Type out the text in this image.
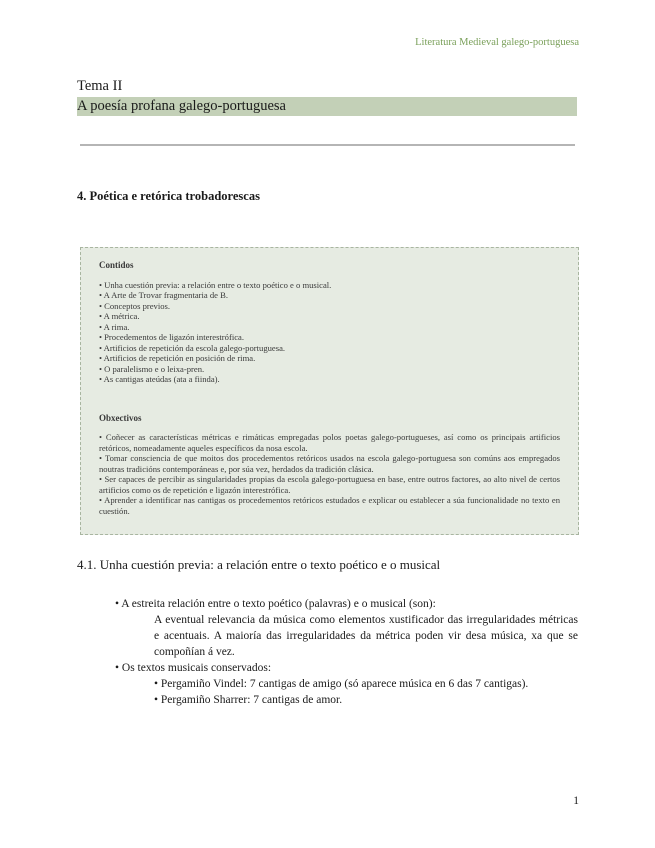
Literatura Medieval galego-portuguesa
Tema II
A poesía profana galego-portuguesa
4. Poética e retórica trobadorescas
Contidos
• Unha cuestión previa: a relación entre o texto poético e o musical.
• A Arte de Trovar fragmentaria de B.
• Conceptos previos.
• A métrica.
• A rima.
• Procedementos de ligazón interestrófica.
• Artificios de repetición da escola galego-portuguesa.
• Artificios de repetición en posición de rima.
• O paralelismo e o leixa-pren.
• As cantigas ateúdas (ata a fiinda).
Obxectivos
• Coñecer as características métricas e rimáticas empregadas polos poetas galego-portugueses, así como os principais artificios retóricos, nomeadamente aqueles específicos da nosa escola.
• Tomar consciencia de que moitos dos procedementos retóricos usados na escola galego-portuguesa son comúns aos empregados noutras tradicións contemporáneas e, por súa vez, herdados da tradición clásica.
• Ser capaces de percibir as singularidades propias da escola galego-portuguesa en base, entre outros factores, ao alto nivel de certos artificios como os de repetición e ligazón interestrófica.
• Aprender a identificar nas cantigas os procedementos retóricos estudados e explicar ou establecer a súa funcionalidade no texto en cuestión.
4.1. Unha cuestión previa: a relación entre o texto poético e o musical

• A estreita relación entre o texto poético (palavras) e o musical (son):

A eventual relevancia da música como elementos xustificador das irregularidades métricas e acentuais. A maioría das irregularidades da métrica poden vir desa música, xa que se compoñían á vez.

• Os textos musicais conservados:

• Pergamiño Vindel: 7 cantigas de amigo (só aparece música en 6 das 7 cantigas).

• Pergamiño Sharrer: 7 cantigas de amor.

1
